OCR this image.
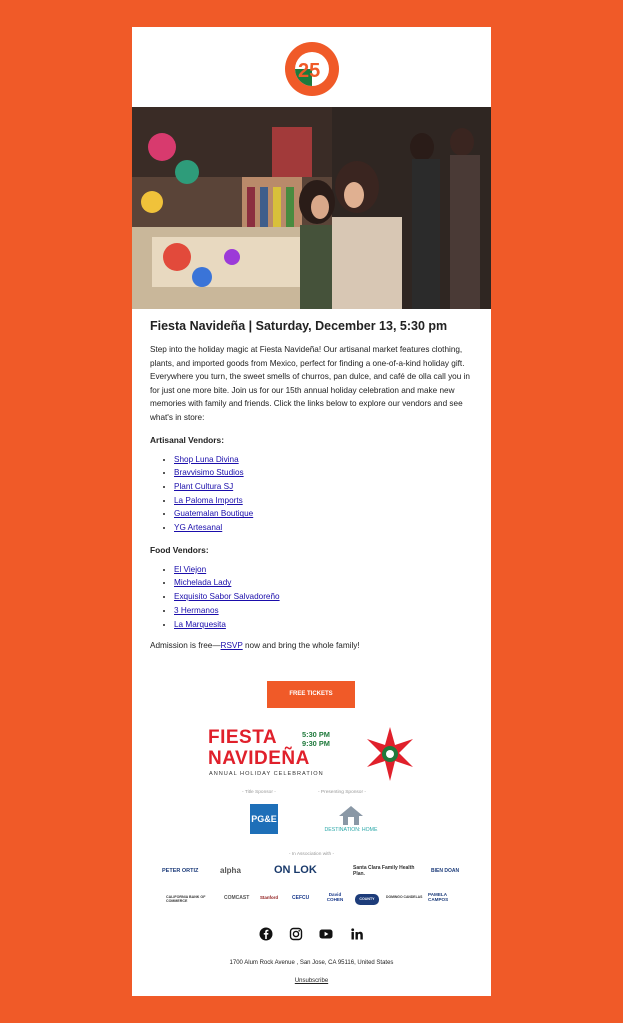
25
Fiesta Navideña | Saturday, December 13, 5:30 pm

Step into the holiday magic at Fiesta Navideña! Our artisanal market features clothing, plants, and imported goods from Mexico, perfect for finding a one-of-a-kind holiday gift. Everywhere you turn, the sweet smells of churros, pan dulce, and café de olla call you in for just one more bite. Join us for our 15th annual holiday celebration and make new memories with family and friends. Click the links below to explore our vendors and see what's in store:

Artisanal Vendors:

• Shop Luna Divina
• Bravvisimo Studios
• Plant Cultura SJ
• La Paloma Imports
• Guatemalan Boutique
• YG Artesanal

Food Vendors:

• El Viejon
• Michelada Lady
• Exquisito Sabor Salvadoreño
• 3 Hermanos
• La Marquesita

Admission is free—RSVP now and bring the whole family!

FREE TICKETS
FIESTA
NAVIDEÑA
5:30 PM
9:30 PM
ANNUAL HOLIDAY CELEBRATION
- Title Sponsor -	- Presenting Sponsor -
PG&E
DESTINATION: HOME
- In Association with -
PETER ORTIZ	alpha	ON LOK	Santa Clara Family Health Plan.	BIEN DOAN
CALIFORNIA BANK OF COMMERCE
COMCAST Stanford	CEFCU
David COHEN	COUNTY	DOMINGO CANDELAS PAMELA CAMPOS
1700 Alum Rock Avenue , San Jose, CA 95116, United States
Unsubscribe
